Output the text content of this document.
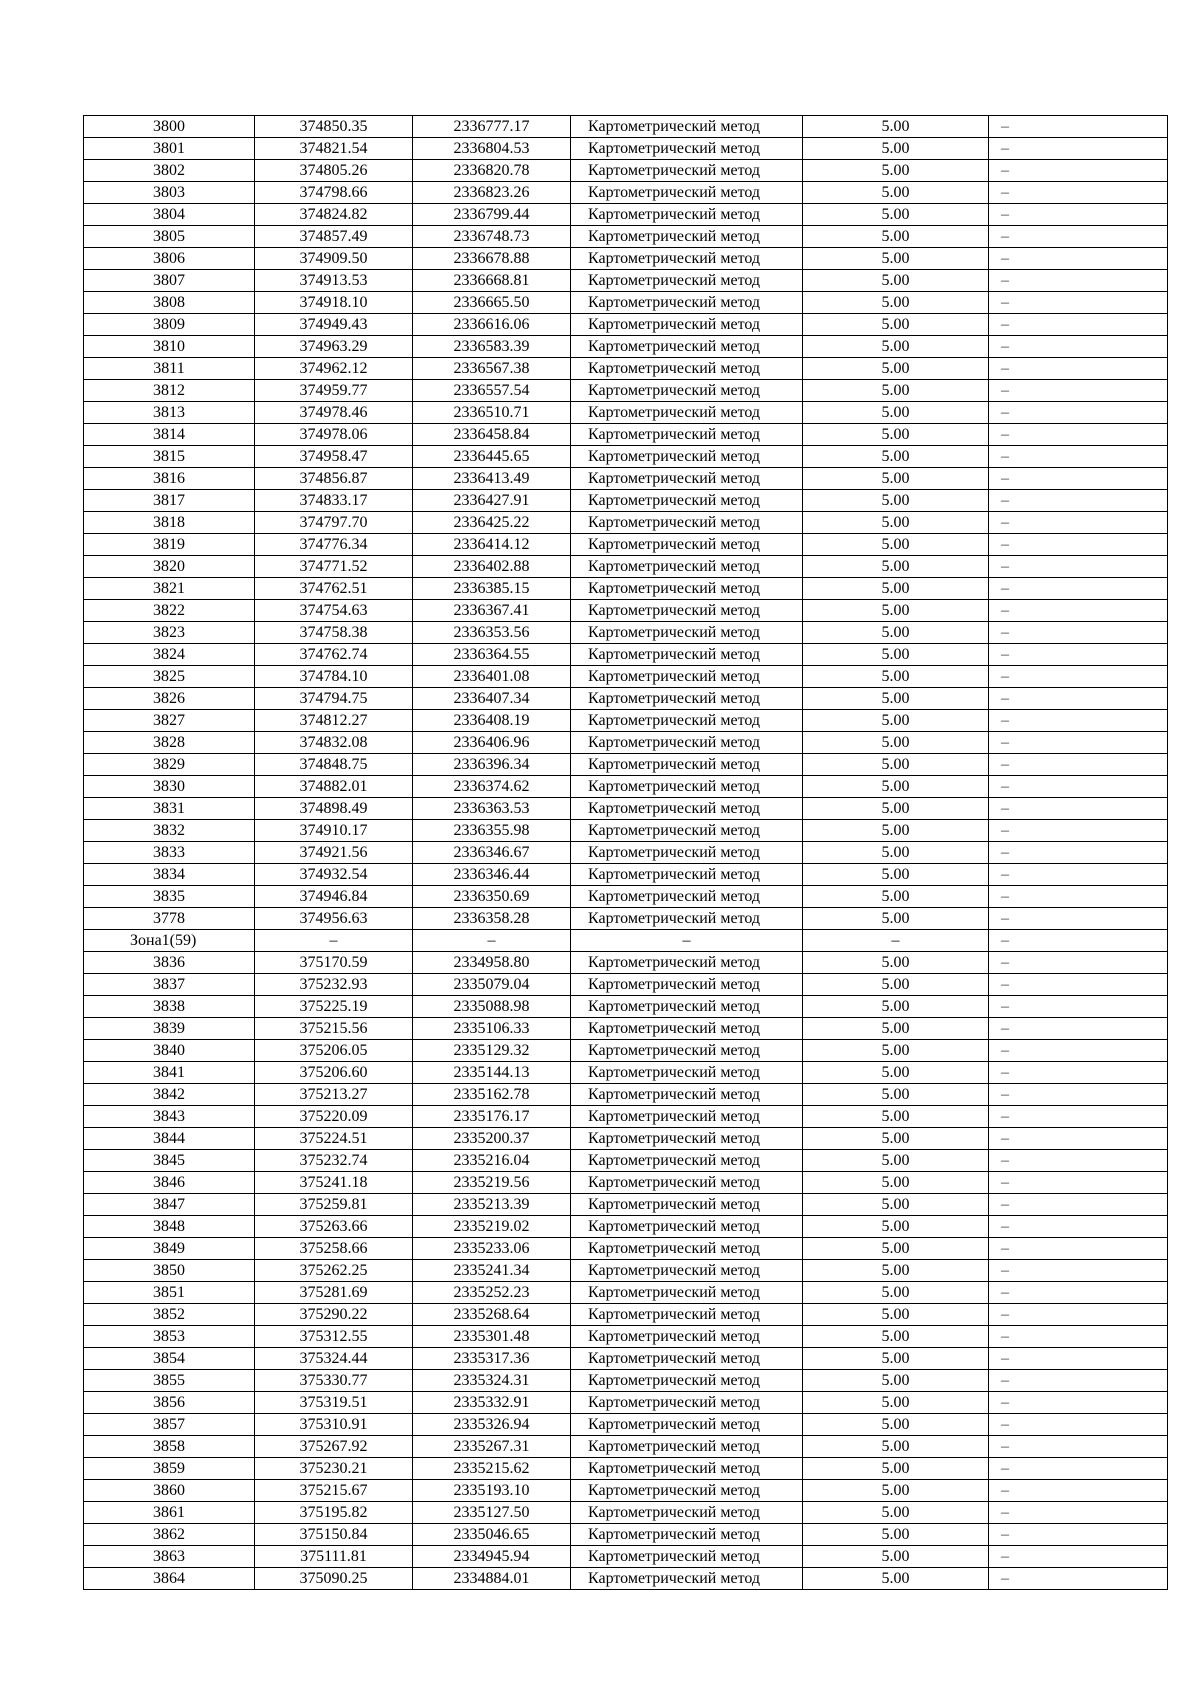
3800	374850.35	2336777.17	Картометрический метод	5.00	–
3801	374821.54	2336804.53	Картометрический метод	5.00	–
3802	374805.26	2336820.78	Картометрический метод	5.00	–
3803	374798.66	2336823.26	Картометрический метод	5.00	–
3804	374824.82	2336799.44	Картометрический метод	5.00	–
3805	374857.49	2336748.73	Картометрический метод	5.00	–
3806	374909.50	2336678.88	Картометрический метод	5.00	–
3807	374913.53	2336668.81	Картометрический метод	5.00	–
3808	374918.10	2336665.50	Картометрический метод	5.00	–
3809	374949.43	2336616.06	Картометрический метод	5.00	–
3810	374963.29	2336583.39	Картометрический метод	5.00	–
3811	374962.12	2336567.38	Картометрический метод	5.00	–
3812	374959.77	2336557.54	Картометрический метод	5.00	–
3813	374978.46	2336510.71	Картометрический метод	5.00	–
3814	374978.06	2336458.84	Картометрический метод	5.00	–
3815	374958.47	2336445.65	Картометрический метод	5.00	–
3816	374856.87	2336413.49	Картометрический метод	5.00	–
3817	374833.17	2336427.91	Картометрический метод	5.00	–
3818	374797.70	2336425.22	Картометрический метод	5.00	–
3819	374776.34	2336414.12	Картометрический метод	5.00	–
3820	374771.52	2336402.88	Картометрический метод	5.00	–
3821	374762.51	2336385.15	Картометрический метод	5.00	–
3822	374754.63	2336367.41	Картометрический метод	5.00	–
3823	374758.38	2336353.56	Картометрический метод	5.00	–
3824	374762.74	2336364.55	Картометрический метод	5.00	–
3825	374784.10	2336401.08	Картометрический метод	5.00	–
3826	374794.75	2336407.34	Картометрический метод	5.00	–
3827	374812.27	2336408.19	Картометрический метод	5.00	–
3828	374832.08	2336406.96	Картометрический метод	5.00	–
3829	374848.75	2336396.34	Картометрический метод	5.00	–
3830	374882.01	2336374.62	Картометрический метод	5.00	–
3831	374898.49	2336363.53	Картометрический метод	5.00	–
3832	374910.17	2336355.98	Картометрический метод	5.00	–
3833	374921.56	2336346.67	Картометрический метод	5.00	–
3834	374932.54	2336346.44	Картометрический метод	5.00	–
3835	374946.84	2336350.69	Картометрический метод	5.00	–
3778	374956.63	2336358.28	Картометрический метод	5.00	–
Зона1(59)	–	–	–	–	–
3836	375170.59	2334958.80	Картометрический метод	5.00	–
3837	375232.93	2335079.04	Картометрический метод	5.00	–
3838	375225.19	2335088.98	Картометрический метод	5.00	–
3839	375215.56	2335106.33	Картометрический метод	5.00	–
3840	375206.05	2335129.32	Картометрический метод	5.00	–
3841	375206.60	2335144.13	Картометрический метод	5.00	–
3842	375213.27	2335162.78	Картометрический метод	5.00	–
3843	375220.09	2335176.17	Картометрический метод	5.00	–
3844	375224.51	2335200.37	Картометрический метод	5.00	–
3845	375232.74	2335216.04	Картометрический метод	5.00	–
3846	375241.18	2335219.56	Картометрический метод	5.00	–
3847	375259.81	2335213.39	Картометрический метод	5.00	–
3848	375263.66	2335219.02	Картометрический метод	5.00	–
3849	375258.66	2335233.06	Картометрический метод	5.00	–
3850	375262.25	2335241.34	Картометрический метод	5.00	–
3851	375281.69	2335252.23	Картометрический метод	5.00	–
3852	375290.22	2335268.64	Картометрический метод	5.00	–
3853	375312.55	2335301.48	Картометрический метод	5.00	–
3854	375324.44	2335317.36	Картометрический метод	5.00	–
3855	375330.77	2335324.31	Картометрический метод	5.00	–
3856	375319.51	2335332.91	Картометрический метод	5.00	–
3857	375310.91	2335326.94	Картометрический метод	5.00	–
3858	375267.92	2335267.31	Картометрический метод	5.00	–
3859	375230.21	2335215.62	Картометрический метод	5.00	–
3860	375215.67	2335193.10	Картометрический метод	5.00	–
3861	375195.82	2335127.50	Картометрический метод	5.00	–
3862	375150.84	2335046.65	Картометрический метод	5.00	–
3863	375111.81	2334945.94	Картометрический метод	5.00	–
3864	375090.25	2334884.01	Картометрический метод	5.00	–
